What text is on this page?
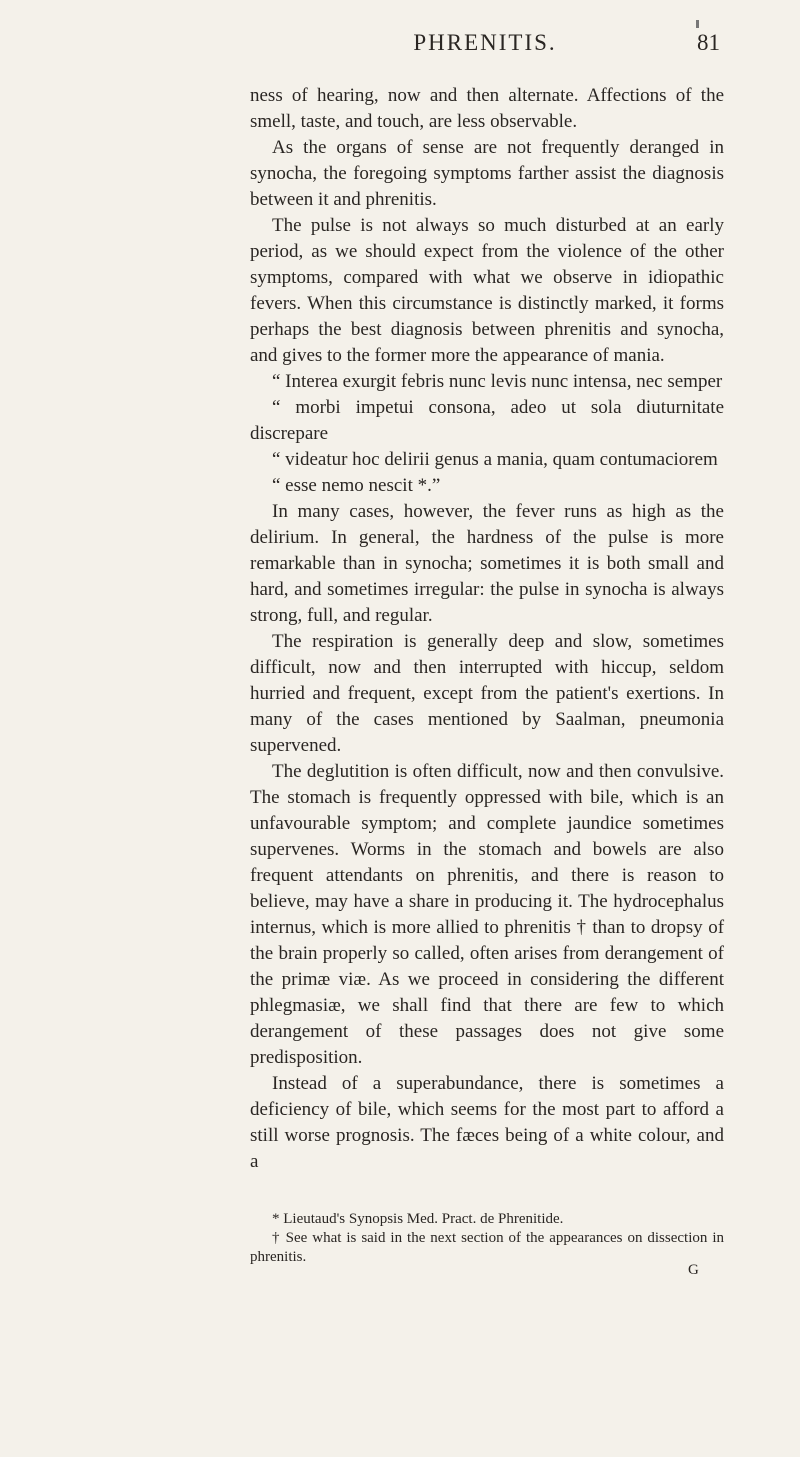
PHRENITIS.	81

ness of hearing, now and then alternate. Affections of the smell, taste, and touch, are less observable.

As the organs of sense are not frequently deranged in synocha, the foregoing symptoms farther assist the diagnosis between it and phrenitis.

The pulse is not always so much disturbed at an early period, as we should expect from the violence of the other symptoms, compared with what we observe in idiopathic fevers. When this circumstance is distinctly marked, it forms perhaps the best diagnosis between phrenitis and synocha, and gives to the former more the appearance of mania.
“ Interea exurgit febris nunc levis nunc intensa, nec semper
“ morbi impetui consona, adeo ut sola diuturnitate discrepare
“ videatur hoc delirii genus a mania, quam contumaciorem
“ esse nemo nescit *.”

In many cases, however, the fever runs as high as the delirium. In general, the hardness of the pulse is more remarkable than in synocha; sometimes it is both small and hard, and sometimes irregular: the pulse in synocha is always strong, full, and regular.

The respiration is generally deep and slow, sometimes difficult, now and then interrupted with hiccup, seldom hurried and frequent, except from the patient's exertions. In many of the cases mentioned by Saalman, pneumonia supervened.

The deglutition is often difficult, now and then convulsive. The stomach is frequently oppressed with bile, which is an unfavourable symptom; and complete jaundice sometimes supervenes. Worms in the stomach and bowels are also frequent attendants on phrenitis, and there is reason to believe, may have a share in producing it. The hydrocephalus internus, which is more allied to phrenitis † than to dropsy of the brain properly so called, often arises from derangement of the primæ viæ. As we proceed in considering the different phlegmasiæ, we shall find that there are few to which derangement of these passages does not give some predisposition.

Instead of a superabundance, there is sometimes a deficiency of bile, which seems for the most part to afford a still worse prognosis. The fæces being of a white colour, and a

* Lieutaud's Synopsis Med. Pract. de Phrenitide.

† See what is said in the next section of the appearances on dissection in phrenitis.

G
